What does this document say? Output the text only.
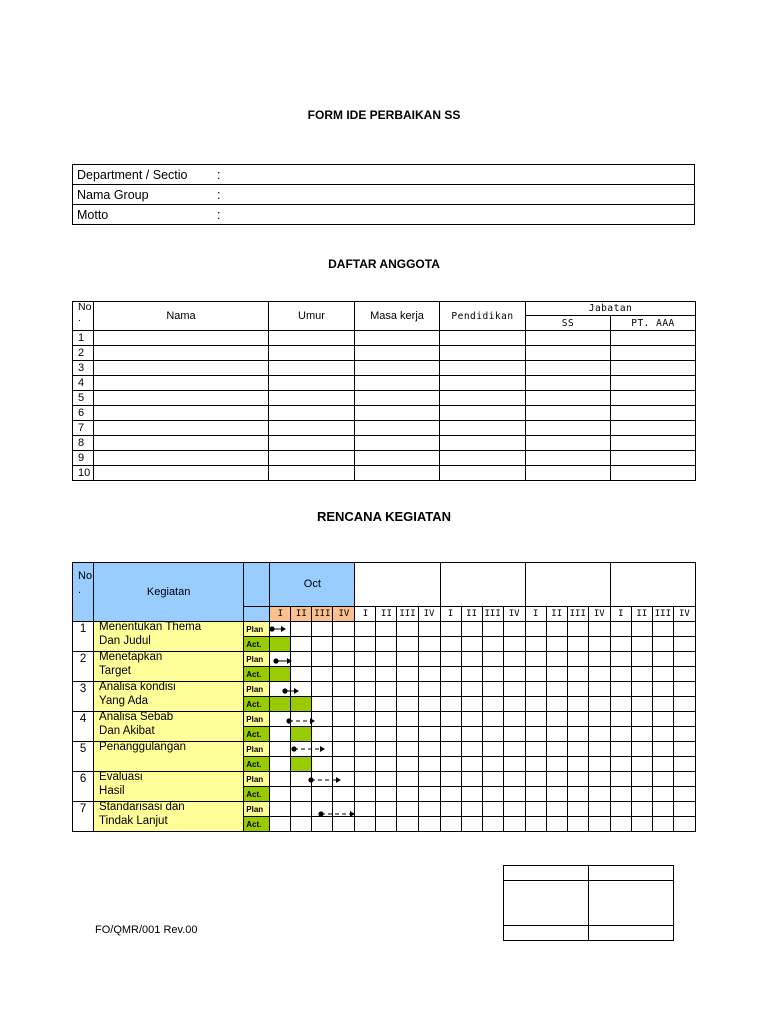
FORM IDE PERBAIKAN SS
Department / Sectio	:
Nama Group	:
Motto	:
DAFTAR ANGGOTA
No .	Nama	Umur	Masa kerja	Pendidikan	Jabatan	
					SS	PT. AAA
1						
2						
3						
4						
5						
6						
7						
8						
9						
10						
RENCANA KEGIATAN
No .	Kegiatan		Oct																			
			I	II	III	IV	I	II	III	IV	I	II	III	IV	I	II	III	IV	I	II	III	IV
1	Menentukan Thema
Dan Judul	Plan																				
		Act.																				
2	Menetapkan
Target	Plan																				
		Act.																				
3	Analisa kondisi
Yang Ada	Plan																				
		Act.																				
4	Analisa Sebab
Dan Akibat	Plan																				
		Act.																				
5	Penanggulangan	Plan																				
		Act.																				
6	Evaluasi
Hasil	Plan																				
		Act.																				
7	Standarisasi dan
Tindak Lanjut	Plan																				
		Act.																				

FO/QMR/001 Rev.00
